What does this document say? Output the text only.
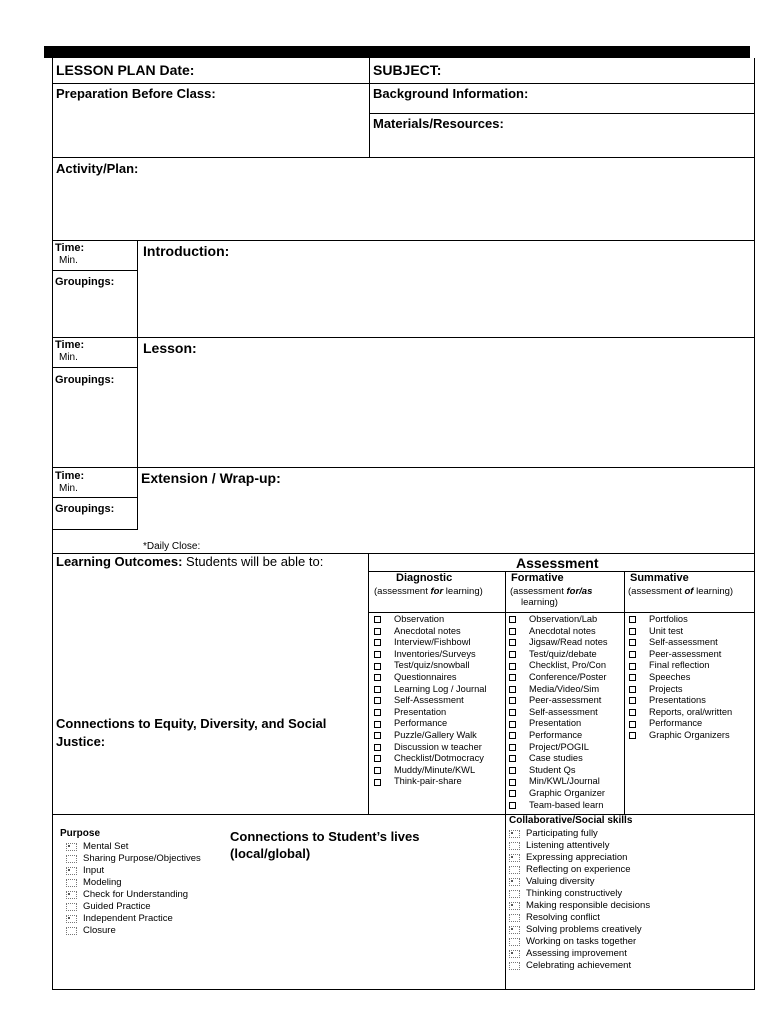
LESSON PLAN Date:	SUBJECT:
Preparation Before Class:	Background Information:
Materials/Resources:
Activity/Plan:
Time:
Min.
Groupings:
Introduction:
Time:
Min.
Groupings:
Lesson:
Time:
Min.
Groupings:
Extension / Wrap-up:
*Daily Close:
Learning Outcomes: Students will be able to:
Connections to Equity, Diversity, and Social
Justice:
Assessment
Diagnostic
(assessment for learning)
Formative
(assessment for/as
learning)
Summative
(assessment of learning)
Observation
Anecdotal notes
Interview/Fishbowl
Inventories/Surveys
Test/quiz/snowball
Questionnaires
Learning Log / Journal
Self-Assessment
Presentation
Performance
Puzzle/Gallery Walk
Discussion w teacher
Checklist/Dotmocracy
Muddy/Minute/KWL
Think-pair-share
Observation/Lab
Anecdotal notes
Jigsaw/Read notes
Test/quiz/debate
Checklist, Pro/Con
Conference/Poster
Media/Video/Sim
Peer-assessment
Self-assessment
Presentation
Performance
Project/POGIL
Case studies
Student Qs
Min/KWL/Journal
Graphic Organizer
Team-based learn
Portfolios
Unit test
Self-assessment
Peer-assessment
Final reflection
Speeches
Projects
Presentations
Reports, oral/written
Performance
Graphic Organizers
Purpose
Mental Set
Sharing Purpose/Objectives
Input
Modeling
Check for Understanding
Guided Practice
Independent Practice
Closure
Connections to Student’s lives
(local/global)
Collaborative/Social skills
Participating fully
Listening attentively
Expressing appreciation
Reflecting on experience
Valuing diversity
Thinking constructively
Making responsible decisions
Resolving conflict
Solving problems creatively
Working on tasks together
Assessing improvement
Celebrating achievement
